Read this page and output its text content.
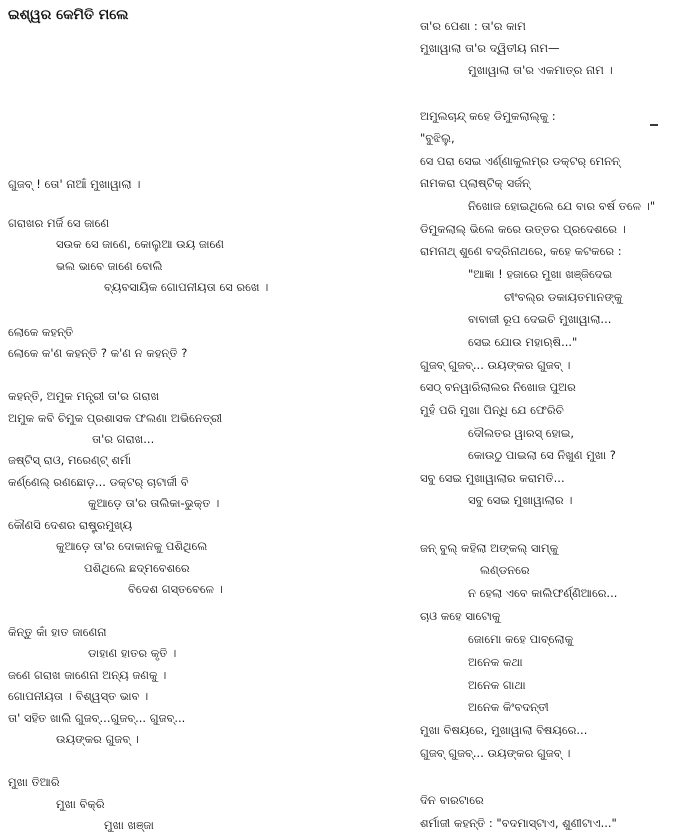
ଇଶ୍ୱର କେମିତି ମଲେ
ଗୁଜବ୍ ! ତୋ' ନାଆଁ ମୁଖାୱାଲା ।
ଗରାଖର ମର୍ଜି ସେ ଜାଣେ
ସଉକ ସେ ଜାଣେ, କୋଲୁଆ ଉୟ ଜାଣେ
ଭଲ ଭାବେ ଜାଣେ ବୋଲି
ବ୍ୟବସାୟିକ ଗୋପନୀୟତା ସେ ରଖେ ।
ଲୋକେ କହନ୍ତି
ଲୋକେ କ'ଣ କହନ୍ତି ? କ'ଣ ନ କହନ୍ତି ?
କହନ୍ତି, ଅମୁକ ମନ୍ତ୍ରୀ ତା'ର ଗରାଖ
ଅମୁକ କବି ଚିମୁକ ପ୍ରଶାସକ ଫଲଣା ଅଭିନେତ୍ରୀ
ତା'ର ଗରାଖ...
ଜଷ୍ଟିସ୍ ରାଓ, ମରେଣ୍ଟ୍ ଶର୍ମା
କର୍ଣ୍ଣେଲ୍ ରଣଛୋଡ଼... ଡକ୍ଟର୍ ଚାଟାର୍ଜୀ ବି
କୁଆଡ଼େ ତା'ର ତାଲିକା-ଭୁକ୍ତ ।
କୌଣସି ଦେଶର ରାଷ୍ଟ୍ରମୁଖ୍ୟ
କୁଆଡ଼େ ତା'ର ଦୋକାନକୁ ପଶିଥିଲେ
ପଶିଥିଲେ ଛଦ୍ମବେଶରେ
ବିଦେଶ ଗସ୍ତବେଳେ ।
କିନ୍ତୁ କାଁ ହାତ ଜାଣେନା
ଡାହାଣ ହାତର କୃତି ।
ଜଣେ ଗରାଖ ଜାଣେନା ଅନ୍ୟ ଜଣକୁ ।
ଗୋପନୀୟତା । ବିଶ୍ୱସ୍ତ ଭାବ ।
ତା' ସହିତ ଖାଲି ଗୁଜବ୍...ଗୁଜବ୍... ଗୁଜବ୍...
ଉୟଙ୍କର ଗୁଜବ୍ ।
ମୁଖା ତିଆରି
ମୁଖା ବିକ୍ରି
ମୁଖା ଖଞ୍ଜା
ତା'ର ପେଶା : ତା'ର କାମ
ମୁଖାୱାଲା ତା'ର ଦ୍ୱିତୀୟ ନାମ—
ମୁଖାୱାଲା ତା'ର ଏକମାତ୍ର ନାମ ।
ଅମୁଲଚାନ୍ଦ୍ କହେ ଡିମୁକଲାଲ୍‌କୁ :
"ବୁଝିଲୁ,
ସେ ପରା ସେଇ ଏର୍ଣ୍ଣାକୁଲମ୍‌ର ଡକ୍ଟର୍ ମେନନ୍
ନାମକରା ପ୍ଲାଷ୍ଟିକ୍ ସର୍ଜନ୍
ନିଖୋଜ ହୋଇଥିଲେ ଯେ ବାର ବର୍ଷ ତଳେ ।"
ଡିମୁକଲାଲ୍ ଭିଲେ କରେ ଉତ୍ତର ପ୍ରଦେଶରେ ।
ରାମନାଥ୍ ଶୁଣେ ବଦ୍ରିନାଥରେ, କହେ କଟକରେ :
"ଆଜ୍ଞା ! ହଜାରେ ମୁଖା ଖଞ୍ଜିଦେଇ
ଚୀଂବଲ୍‌ର ଡକାୟତମାନଙ୍କୁ
ବାବାଜୀ ରୂପ ଦେଇଚି ମୁଖାୱାଲା...
ସେଇ ଯୋଉ ମହାଋଷି..."
ଗୁଜବ୍ ଗୁଜବ୍... ଉୟଙ୍କର ଗୁଜବ୍ ।
ସେଠ୍ ବନୱାରିଲାଲର ନିଖୋଜ ପୁଅର
ମୁହଁ ପରି ମୁଖା ପିନ୍ଧି ଯେ ଫେରିଚି
ଦୌଲତର ୱାରସ୍ ହୋଇ,
କୋଉଠୁ ପାଇଲା ସେ ନିଖୁଣ ମୁଖା ?
ସବୁ ସେଇ ମୁଖାୱାଲାର କରାମତି...
ସବୁ ସେଇ ମୁଖାୱାଲାର ।
ଜନ୍ ବୁଲ୍ କହିଲା ଅଙ୍କଲ୍ ସାମ୍‌କୁ
ଲଣ୍ଡନରେ
ନ ହେଲା ଏବେ କାଲିଫର୍ଣ୍ଣିଆରେ...
ଚାଓ କହେ ସାଟୋକୁ
ଜୋମୋ କହେ ପାବ୍ଲୋକୁ
ଅନେକ କଥା
ଅନେକ ଗାଥା
ଅନେକ କିଂବଦନ୍ତୀ
ମୁଖା ବିଷୟରେ, ମୁଖାୱାଲା ବିଷୟରେ...
ଗୁଜବ୍ ଗୁଜବ୍... ଉୟଙ୍କର ଗୁଜବ୍ ।
ଦିନ ବାରଟାରେ
ଶର୍ମାଜୀ କହନ୍ତି : "ବଦମାସ୍‌ଟାଏ, ଶୁଣୀଟାଏ..."
